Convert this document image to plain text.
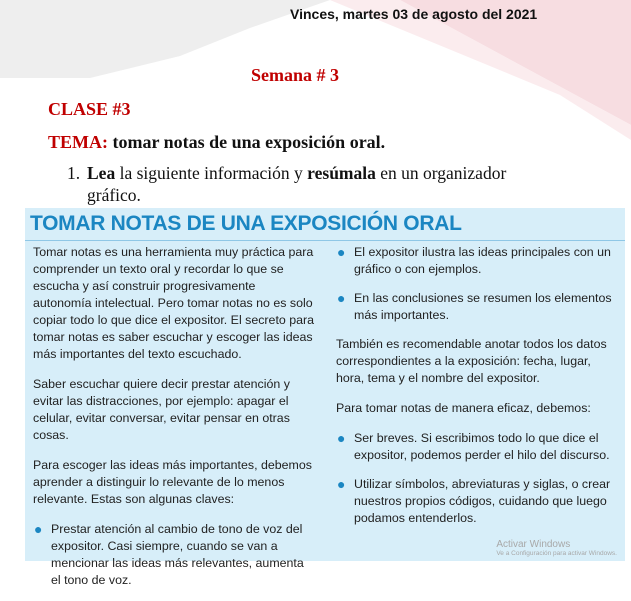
Vinces, martes 03 de agosto del 2021
Semana # 3
CLASE #3
TEMA: tomar notas de una exposición oral.
1. Lea la siguiente información y resúmala en un organizador
gráfico.
TOMAR NOTAS DE UNA EXPOSICIÓN ORAL

Tomar notas es una herramienta muy práctica para comprender un texto oral y recordar lo que se escucha y así construir progresivamente autonomía intelectual. Pero tomar notas no es solo copiar todo lo que dice el expositor. El secreto para tomar notas es saber escuchar y escoger las ideas más importantes del texto escuchado.

Saber escuchar quiere decir prestar atención y evitar las distracciones, por ejemplo: apagar el celular, evitar conversar, evitar pensar en otras cosas.

Para escoger las ideas más importantes, debemos aprender a distinguir lo relevante de lo menos relevante. Estas son algunas claves:

● Prestar atención al cambio de tono de voz del expositor. Casi siempre, cuando se van a mencionar las ideas más relevantes, aumenta el tono de voz.
● El expositor ilustra las ideas principales con un gráfico o con ejemplos.
● En las conclusiones se resumen los elementos más importantes.

También es recomendable anotar todos los datos correspondientes a la exposición: fecha, lugar, hora, tema y el nombre del expositor.

Para tomar notas de manera eficaz, debemos:

● Ser breves. Si escribimos todo lo que dice el expositor, podemos perder el hilo del discurso.
● Utilizar símbolos, abreviaturas y siglas, o crear nuestros propios códigos, cuidando que luego podamos entenderlos.
Activar Windows
Ve a Configuración para activar Windows.
